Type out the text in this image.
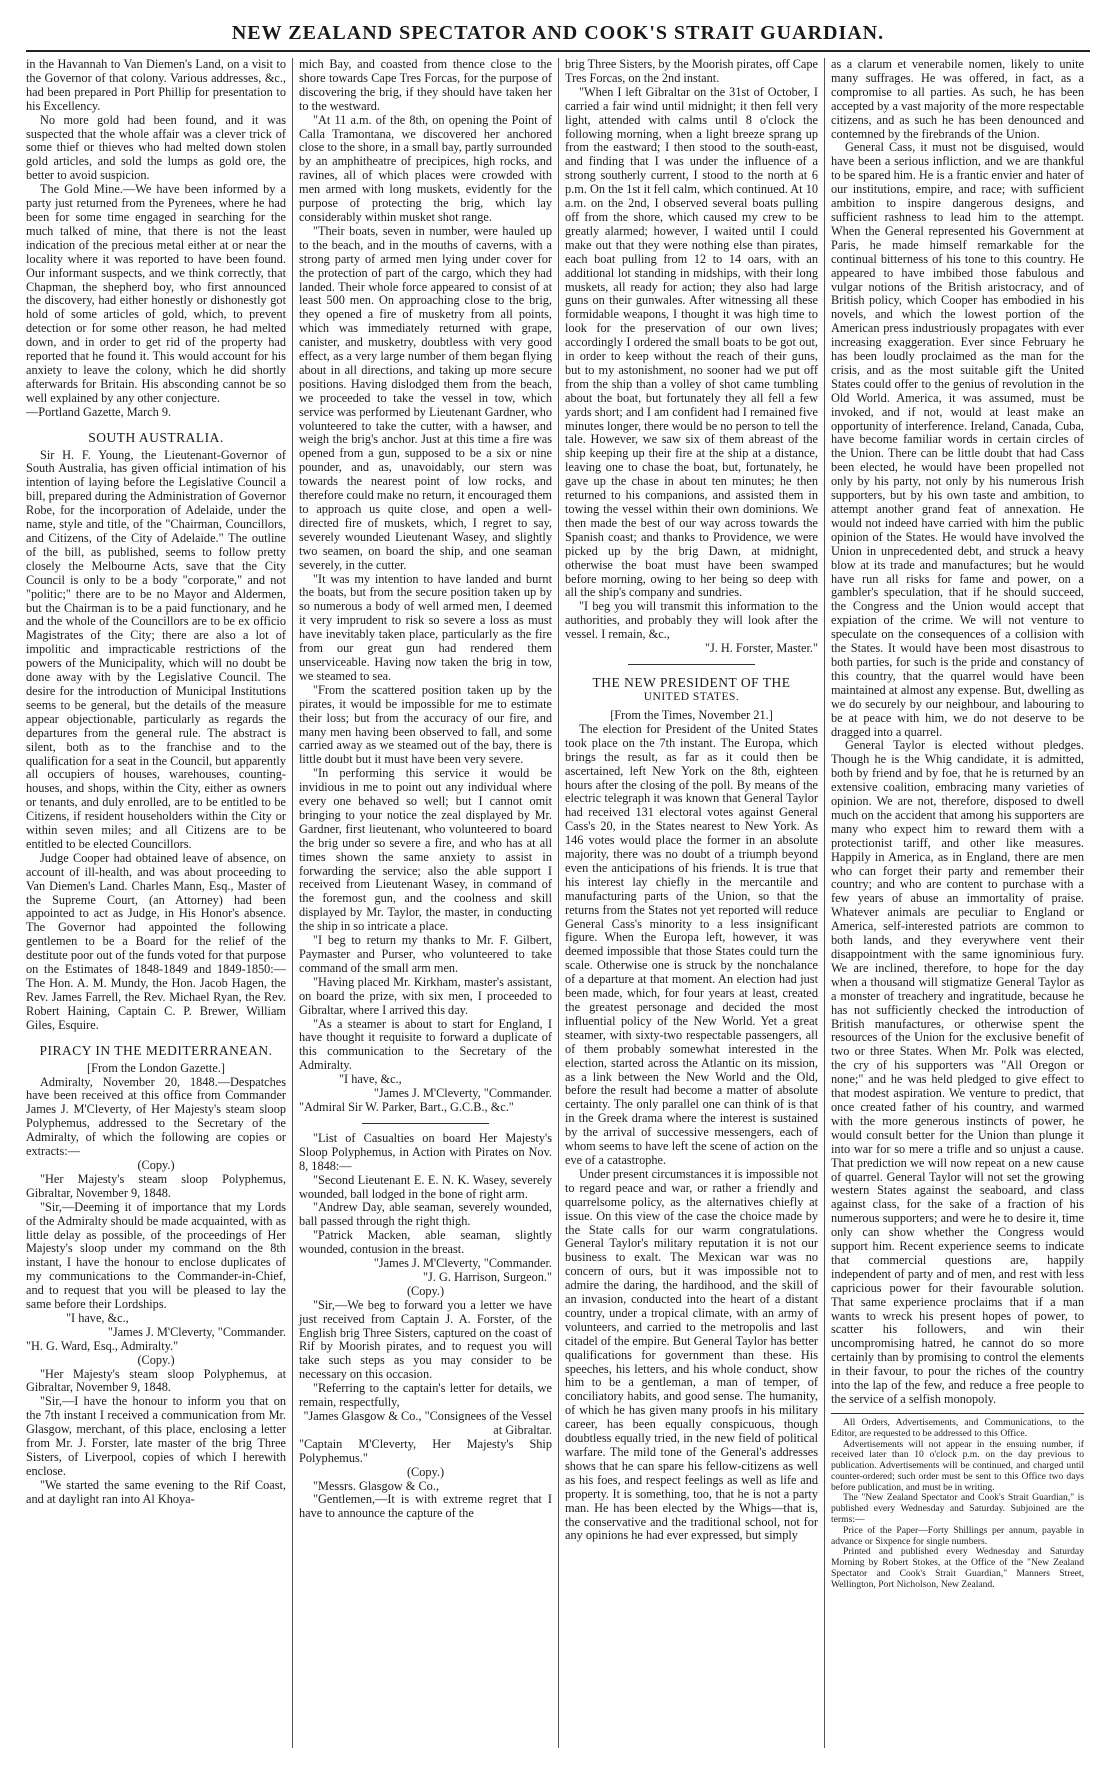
NEW ZEALAND SPECTATOR AND COOK'S STRAIT GUARDIAN.

in the Havannah to Van Diemen's Land, on a visit to the Governor of that colony. Various addresses, &c., had been prepared in Port Phillip for presentation to his Excellency.

No more gold had been found, and it was suspected that the whole affair was a clever trick of some thief or thieves who had melted down stolen gold articles, and sold the lumps as gold ore, the better to avoid suspicion.

The Gold Mine.—We have been informed by a party just returned from the Pyrenees, where he had been for some time engaged in searching for the much talked of mine, that there is not the least indication of the precious metal either at or near the locality where it was reported to have been found. Our informant suspects, and we think correctly, that Chapman, the shepherd boy, who first announced the discovery, had either honestly or dishonestly got hold of some articles of gold, which, to prevent detection or for some other reason, he had melted down, and in order to get rid of the property had reported that he found it. This would account for his anxiety to leave the colony, which he did shortly afterwards for Britain. His absconding cannot be so well explained by any other conjecture.

—Portland Gazette, March 9.

SOUTH AUSTRALIA.

Sir H. F. Young, the Lieutenant-Governor of South Australia, has given official intimation of his intention of laying before the Legislative Council a bill, prepared during the Administration of Governor Robe, for the incorporation of Adelaide, under the name, style and title, of the "Chairman, Councillors, and Citizens, of the City of Adelaide." The outline of the bill, as published, seems to follow pretty closely the Melbourne Acts, save that the City Council is only to be a body "corporate," and not "politic;" there are to be no Mayor and Aldermen, but the Chairman is to be a paid functionary, and he and the whole of the Councillors are to be ex officio Magistrates of the City; there are also a lot of impolitic and impracticable restrictions of the powers of the Municipality, which will no doubt be done away with by the Legislative Council. The desire for the introduction of Municipal Institutions seems to be general, but the details of the measure appear objectionable, particularly as regards the departures from the general rule. The abstract is silent, both as to the franchise and to the qualification for a seat in the Council, but apparently all occupiers of houses, warehouses, counting-houses, and shops, within the City, either as owners or tenants, and duly enrolled, are to be entitled to be Citizens, if resident householders within the City or within seven miles; and all Citizens are to be entitled to be elected Councillors.

Judge Cooper had obtained leave of absence, on account of ill-health, and was about proceeding to Van Diemen's Land. Charles Mann, Esq., Master of the Supreme Court, (an Attorney) had been appointed to act as Judge, in His Honor's absence. The Governor had appointed the following gentlemen to be a Board for the relief of the destitute poor out of the funds voted for that purpose on the Estimates of 1848-1849 and 1849-1850:—The Hon. A. M. Mundy, the Hon. Jacob Hagen, the Rev. James Farrell, the Rev. Michael Ryan, the Rev. Robert Haining, Captain C. P. Brewer, William Giles, Esquire.

PIRACY IN THE MEDITERRANEAN.

[From the London Gazette.]

Admiralty, November 20, 1848.—Despatches have been received at this office from Commander James J. M'Cleverty, of Her Majesty's steam sloop Polyphemus, addressed to the Secretary of the Admiralty, of which the following are copies or extracts:—

(Copy.)

"Her Majesty's steam sloop Polyphemus, Gibraltar, November 9, 1848.

"Sir,—Deeming it of importance that my Lords of the Admiralty should be made acquainted, with as little delay as possible, of the proceedings of Her Majesty's sloop under my command on the 8th instant, I have the honour to enclose duplicates of my communications to the Commander-in-Chief, and to request that you will be pleased to lay the same before their Lordships.

"I have, &c.,

"James J. M'Cleverty, "Commander.

"H. G. Ward, Esq., Admiralty."

(Copy.)

"Her Majesty's steam sloop Polyphemus, at Gibraltar, November 9, 1848.

"Sir,—I have the honour to inform you that on the 7th instant I received a communication from Mr. Glasgow, merchant, of this place, enclosing a letter from Mr. J. Forster, late master of the brig Three Sisters, of Liverpool, copies of which I herewith enclose.

"We started the same evening to the Rif Coast, and at daylight ran into Al Khoya-

mich Bay, and coasted from thence close to the shore towards Cape Tres Forcas, for the purpose of discovering the brig, if they should have taken her to the westward.

"At 11 a.m. of the 8th, on opening the Point of Calla Tramontana, we discovered her anchored close to the shore, in a small bay, partly surrounded by an amphitheatre of precipices, high rocks, and ravines, all of which places were crowded with men armed with long muskets, evidently for the purpose of protecting the brig, which lay considerably within musket shot range.

"Their boats, seven in number, were hauled up to the beach, and in the mouths of caverns, with a strong party of armed men lying under cover for the protection of part of the cargo, which they had landed. Their whole force appeared to consist of at least 500 men. On approaching close to the brig, they opened a fire of musketry from all points, which was immediately returned with grape, canister, and musketry, doubtless with very good effect, as a very large number of them began flying about in all directions, and taking up more secure positions. Having dislodged them from the beach, we proceeded to take the vessel in tow, which service was performed by Lieutenant Gardner, who volunteered to take the cutter, with a hawser, and weigh the brig's anchor. Just at this time a fire was opened from a gun, supposed to be a six or nine pounder, and as, unavoidably, our stern was towards the nearest point of low rocks, and therefore could make no return, it encouraged them to approach us quite close, and open a well-directed fire of muskets, which, I regret to say, severely wounded Lieutenant Wasey, and slightly two seamen, on board the ship, and one seaman severely, in the cutter.

"It was my intention to have landed and burnt the boats, but from the secure position taken up by so numerous a body of well armed men, I deemed it very imprudent to risk so severe a loss as must have inevitably taken place, particularly as the fire from our great gun had rendered them unserviceable. Having now taken the brig in tow, we steamed to sea.

"From the scattered position taken up by the pirates, it would be impossible for me to estimate their loss; but from the accuracy of our fire, and many men having been observed to fall, and some carried away as we steamed out of the bay, there is little doubt but it must have been very severe.

"In performing this service it would be invidious in me to point out any individual where every one behaved so well; but I cannot omit bringing to your notice the zeal displayed by Mr. Gardner, first lieutenant, who volunteered to board the brig under so severe a fire, and who has at all times shown the same anxiety to assist in forwarding the service; also the able support I received from Lieutenant Wasey, in command of the foremost gun, and the coolness and skill displayed by Mr. Taylor, the master, in conducting the ship in so intricate a place.

"I beg to return my thanks to Mr. F. Gilbert, Paymaster and Purser, who volunteered to take command of the small arm men.

"Having placed Mr. Kirkham, master's assistant, on board the prize, with six men, I proceeded to Gibraltar, where I arrived this day.

"As a steamer is about to start for England, I have thought it requisite to forward a duplicate of this communication to the Secretary of the Admiralty.

"I have, &c.,

"James J. M'Cleverty, "Commander.

"Admiral Sir W. Parker, Bart., G.C.B., &c."

"List of Casualties on board Her Majesty's Sloop Polyphemus, in Action with Pirates on Nov. 8, 1848:—

"Second Lieutenant E. E. N. K. Wasey, severely wounded, ball lodged in the bone of right arm.

"Andrew Day, able seaman, severely wounded, ball passed through the right thigh.

"Patrick Macken, able seaman, slightly wounded, contusion in the breast.

"James J. M'Cleverty, "Commander.

"J. G. Harrison, Surgeon."

(Copy.)

"Sir,—We beg to forward you a letter we have just received from Captain J. A. Forster, of the English brig Three Sisters, captured on the coast of Rif by Moorish pirates, and to request you will take such steps as you may consider to be necessary on this occasion.

"Referring to the captain's letter for details, we remain, respectfully,

"James Glasgow & Co., "Consignees of the Vessel at Gibraltar.

"Captain M'Cleverty, Her Majesty's Ship Polyphemus."

(Copy.)

"Messrs. Glasgow & Co.,

"Gentlemen,—It is with extreme regret that I have to announce the capture of the

brig Three Sisters, by the Moorish pirates, off Cape Tres Forcas, on the 2nd instant.

"When I left Gibraltar on the 31st of October, I carried a fair wind until midnight; it then fell very light, attended with calms until 8 o'clock the following morning, when a light breeze sprang up from the eastward; I then stood to the south-east, and finding that I was under the influence of a strong southerly current, I stood to the north at 6 p.m. On the 1st it fell calm, which continued. At 10 a.m. on the 2nd, I observed several boats pulling off from the shore, which caused my crew to be greatly alarmed; however, I waited until I could make out that they were nothing else than pirates, each boat pulling from 12 to 14 oars, with an additional lot standing in midships, with their long muskets, all ready for action; they also had large guns on their gunwales. After witnessing all these formidable weapons, I thought it was high time to look for the preservation of our own lives; accordingly I ordered the small boats to be got out, in order to keep without the reach of their guns, but to my astonishment, no sooner had we put off from the ship than a volley of shot came tumbling about the boat, but fortunately they all fell a few yards short; and I am confident had I remained five minutes longer, there would be no person to tell the tale. However, we saw six of them abreast of the ship keeping up their fire at the ship at a distance, leaving one to chase the boat, but, fortunately, he gave up the chase in about ten minutes; he then returned to his companions, and assisted them in towing the vessel within their own dominions. We then made the best of our way across towards the Spanish coast; and thanks to Providence, we were picked up by the brig Dawn, at midnight, otherwise the boat must have been swamped before morning, owing to her being so deep with all the ship's company and sundries.

"I beg you will transmit this information to the authorities, and probably they will look after the vessel. I remain, &c.,

"J. H. Forster, Master."

THE NEW PRESIDENT OF THE
UNITED STATES.

[From the Times, November 21.]

The election for President of the United States took place on the 7th instant. The Europa, which brings the result, as far as it could then be ascertained, left New York on the 8th, eighteen hours after the closing of the poll. By means of the electric telegraph it was known that General Taylor had received 131 electoral votes against General Cass's 20, in the States nearest to New York. As 146 votes would place the former in an absolute majority, there was no doubt of a triumph beyond even the anticipations of his friends. It is true that his interest lay chiefly in the mercantile and manufacturing parts of the Union, so that the returns from the States not yet reported will reduce General Cass's minority to a less insignificant figure. When the Europa left, however, it was deemed impossible that those States could turn the scale. Otherwise one is struck by the nonchalance of a departure at that moment. An election had just been made, which, for four years at least, created the greatest personage and decided the most influential policy of the New World. Yet a great steamer, with sixty-two respectable passengers, all of them probably somewhat interested in the election, started across the Atlantic on its mission, as a link between the New World and the Old, before the result had become a matter of absolute certainty. The only parallel one can think of is that in the Greek drama where the interest is sustained by the arrival of successive messengers, each of whom seems to have left the scene of action on the eve of a catastrophe.

Under present circumstances it is impossible not to regard peace and war, or rather a friendly and quarrelsome policy, as the alternatives chiefly at issue. On this view of the case the choice made by the State calls for our warm congratulations. General Taylor's military reputation it is not our business to exalt. The Mexican war was no concern of ours, but it was impossible not to admire the daring, the hardihood, and the skill of an invasion, conducted into the heart of a distant country, under a tropical climate, with an army of volunteers, and carried to the metropolis and last citadel of the empire. But General Taylor has better qualifications for government than these. His speeches, his letters, and his whole conduct, show him to be a gentleman, a man of temper, of conciliatory habits, and good sense. The humanity, of which he has given many proofs in his military career, has been equally conspicuous, though doubtless equally tried, in the new field of political warfare. The mild tone of the General's addresses shows that he can spare his fellow-citizens as well as his foes, and respect feelings as well as life and property. It is something, too, that he is not a party man. He has been elected by the Whigs—that is, the conservative and the traditional school, not for any opinions he had ever expressed, but simply

as a clarum et venerabile nomen, likely to unite many suffrages. He was offered, in fact, as a compromise to all parties. As such, he has been accepted by a vast majority of the more respectable citizens, and as such he has been denounced and contemned by the firebrands of the Union.

General Cass, it must not be disguised, would have been a serious infliction, and we are thankful to be spared him. He is a frantic envier and hater of our institutions, empire, and race; with sufficient ambition to inspire dangerous designs, and sufficient rashness to lead him to the attempt. When the General represented his Government at Paris, he made himself remarkable for the continual bitterness of his tone to this country. He appeared to have imbibed those fabulous and vulgar notions of the British aristocracy, and of British policy, which Cooper has embodied in his novels, and which the lowest portion of the American press industriously propagates with ever increasing exaggeration. Ever since February he has been loudly proclaimed as the man for the crisis, and as the most suitable gift the United States could offer to the genius of revolution in the Old World. America, it was assumed, must be invoked, and if not, would at least make an opportunity of interference. Ireland, Canada, Cuba, have become familiar words in certain circles of the Union. There can be little doubt that had Cass been elected, he would have been propelled not only by his party, not only by his numerous Irish supporters, but by his own taste and ambition, to attempt another grand feat of annexation. He would not indeed have carried with him the public opinion of the States. He would have involved the Union in unprecedented debt, and struck a heavy blow at its trade and manufactures; but he would have run all risks for fame and power, on a gambler's speculation, that if he should succeed, the Congress and the Union would accept that expiation of the crime. We will not venture to speculate on the consequences of a collision with the States. It would have been most disastrous to both parties, for such is the pride and constancy of this country, that the quarrel would have been maintained at almost any expense. But, dwelling as we do securely by our neighbour, and labouring to be at peace with him, we do not deserve to be dragged into a quarrel.

General Taylor is elected without pledges. Though he is the Whig candidate, it is admitted, both by friend and by foe, that he is returned by an extensive coalition, embracing many varieties of opinion. We are not, therefore, disposed to dwell much on the accident that among his supporters are many who expect him to reward them with a protectionist tariff, and other like measures. Happily in America, as in England, there are men who can forget their party and remember their country; and who are content to purchase with a few years of abuse an immortality of praise. Whatever animals are peculiar to England or America, self-interested patriots are common to both lands, and they everywhere vent their disappointment with the same ignominious fury. We are inclined, therefore, to hope for the day when a thousand will stigmatize General Taylor as a monster of treachery and ingratitude, because he has not sufficiently checked the introduction of British manufactures, or otherwise spent the resources of the Union for the exclusive benefit of two or three States. When Mr. Polk was elected, the cry of his supporters was "All Oregon or none;" and he was held pledged to give effect to that modest aspiration. We venture to predict, that once created father of his country, and warmed with the more generous instincts of power, he would consult better for the Union than plunge it into war for so mere a trifle and so unjust a cause. That prediction we will now repeat on a new cause of quarrel. General Taylor will not set the growing western States against the seaboard, and class against class, for the sake of a fraction of his numerous supporters; and were he to desire it, time only can show whether the Congress would support him. Recent experience seems to indicate that commercial questions are, happily independent of party and of men, and rest with less capricious power for their favourable solution. That same experience proclaims that if a man wants to wreck his present hopes of power, to scatter his followers, and win their uncompromising hatred, he cannot do so more certainly than by promising to control the elements in their favour, to pour the riches of the country into the lap of the few, and reduce a free people to the service of a selfish monopoly.

All Orders, Advertisements, and Communications, to the Editor, are requested to be addressed to this Office.

Advertisements will not appear in the ensuing number, if received later than 10 o'clock p.m. on the day previous to publication. Advertisements will be continued, and charged until counter-ordered; such order must be sent to this Office two days before publication, and must be in writing.

The "New Zealand Spectator and Cook's Strait Guardian," is published every Wednesday and Saturday. Subjoined are the terms:—

Price of the Paper—Forty Shillings per annum, payable in advance or Sixpence for single numbers.

Printed and published every Wednesday and Saturday Morning by Robert Stokes, at the Office of the "New Zealand Spectator and Cook's Strait Guardian," Manners Street, Wellington, Port Nicholson, New Zealand.
